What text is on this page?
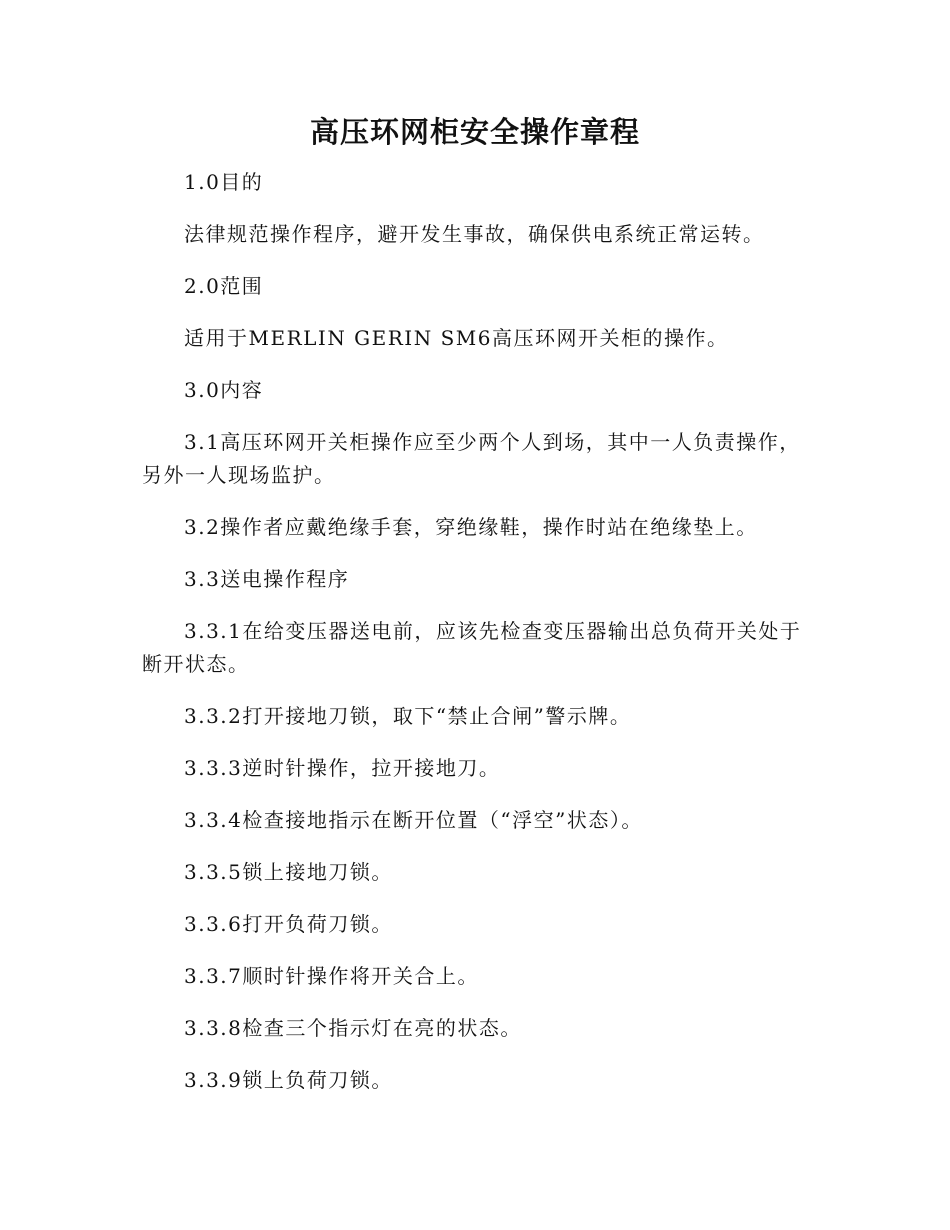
高压环网柜安全操作章程

1.0目的

法律规范操作程序，避开发生事故，确保供电系统正常运转。

2.0范围

适用于MERLIN GERIN SM6高压环网开关柜的操作。

3.0内容

3.1高压环网开关柜操作应至少两个人到场，其中一人负责操作，另外一人现场监护。

3.2操作者应戴绝缘手套，穿绝缘鞋，操作时站在绝缘垫上。

3.3送电操作程序

3.3.1在给变压器送电前，应该先检查变压器输出总负荷开关处于断开状态。

3.3.2打开接地刀锁，取下“禁止合闸”警示牌。

3.3.3逆时针操作，拉开接地刀。

3.3.4检查接地指示在断开位置（“浮空”状态）。

3.3.5锁上接地刀锁。

3.3.6打开负荷刀锁。

3.3.7顺时针操作将开关合上。

3.3.8检查三个指示灯在亮的状态。

3.3.9锁上负荷刀锁。
